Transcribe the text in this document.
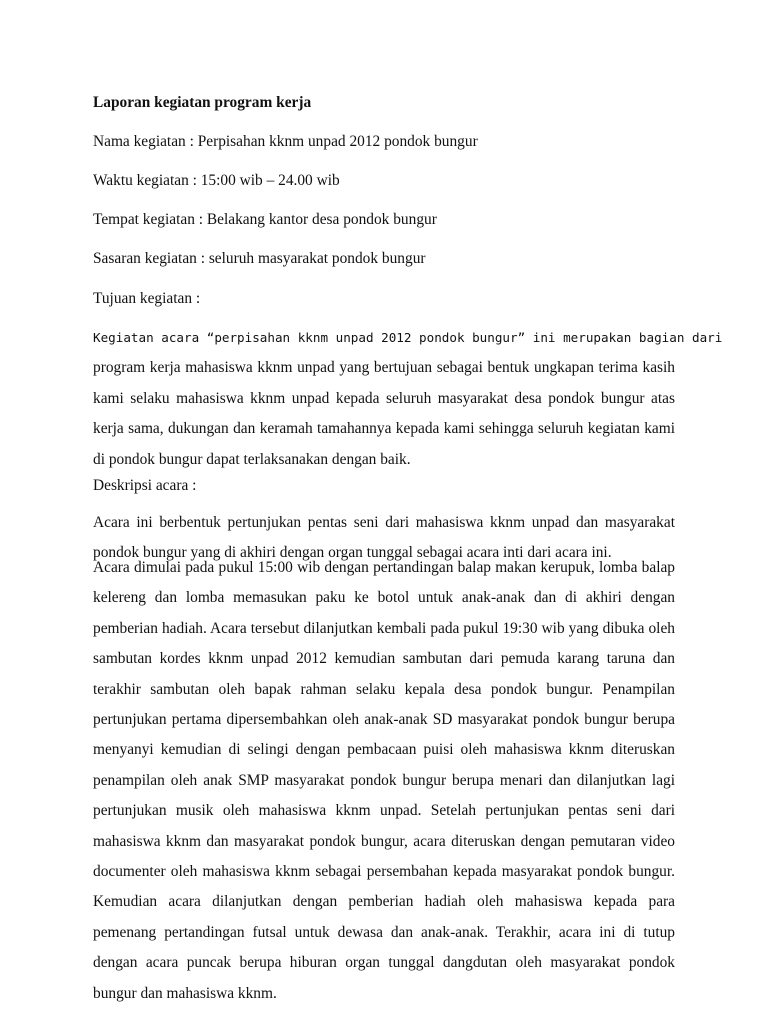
Laporan kegiatan program kerja
Nama kegiatan : Perpisahan kknm unpad 2012 pondok bungur
Waktu kegiatan : 15:00 wib – 24.00 wib
Tempat kegiatan : Belakang kantor desa pondok bungur
Sasaran kegiatan : seluruh masyarakat pondok bungur
Tujuan kegiatan :
Kegiatan acara “perpisahan kknm unpad 2012 pondok bungur” ini merupakan bagian dari
program kerja mahasiswa kknm unpad yang bertujuan sebagai bentuk ungkapan terima kasih kami selaku mahasiswa kknm unpad kepada seluruh masyarakat desa pondok bungur atas kerja sama, dukungan dan keramah tamahannya kepada kami sehingga seluruh kegiatan kami di pondok bungur dapat terlaksanakan dengan baik.
Deskripsi acara :
Acara ini berbentuk pertunjukan pentas seni dari mahasiswa kknm unpad dan masyarakat pondok bungur yang di akhiri dengan organ tunggal sebagai acara inti dari acara ini.
Acara dimulai pada pukul 15:00 wib dengan pertandingan balap makan kerupuk, lomba balap kelereng dan lomba memasukan paku ke botol untuk anak-anak dan di akhiri dengan pemberian hadiah. Acara tersebut dilanjutkan kembali pada pukul 19:30 wib yang dibuka oleh sambutan kordes kknm unpad 2012 kemudian sambutan dari pemuda karang taruna dan terakhir sambutan oleh bapak rahman selaku kepala desa pondok bungur. Penampilan pertunjukan pertama dipersembahkan oleh anak-anak SD masyarakat pondok bungur berupa menyanyi kemudian di selingi dengan pembacaan puisi oleh mahasiswa kknm diteruskan penampilan oleh anak SMP masyarakat pondok bungur berupa menari dan dilanjutkan lagi pertunjukan musik oleh mahasiswa kknm unpad. Setelah pertunjukan pentas seni dari mahasiswa kknm dan masyarakat pondok bungur, acara diteruskan dengan pemutaran video documenter oleh mahasiswa kknm sebagai persembahan kepada masyarakat pondok bungur. Kemudian acara dilanjutkan dengan pemberian hadiah oleh mahasiswa kepada para pemenang pertandingan futsal untuk dewasa dan anak-anak. Terakhir, acara ini di tutup dengan acara puncak berupa hiburan organ tunggal dangdutan oleh masyarakat pondok bungur dan mahasiswa kknm.
